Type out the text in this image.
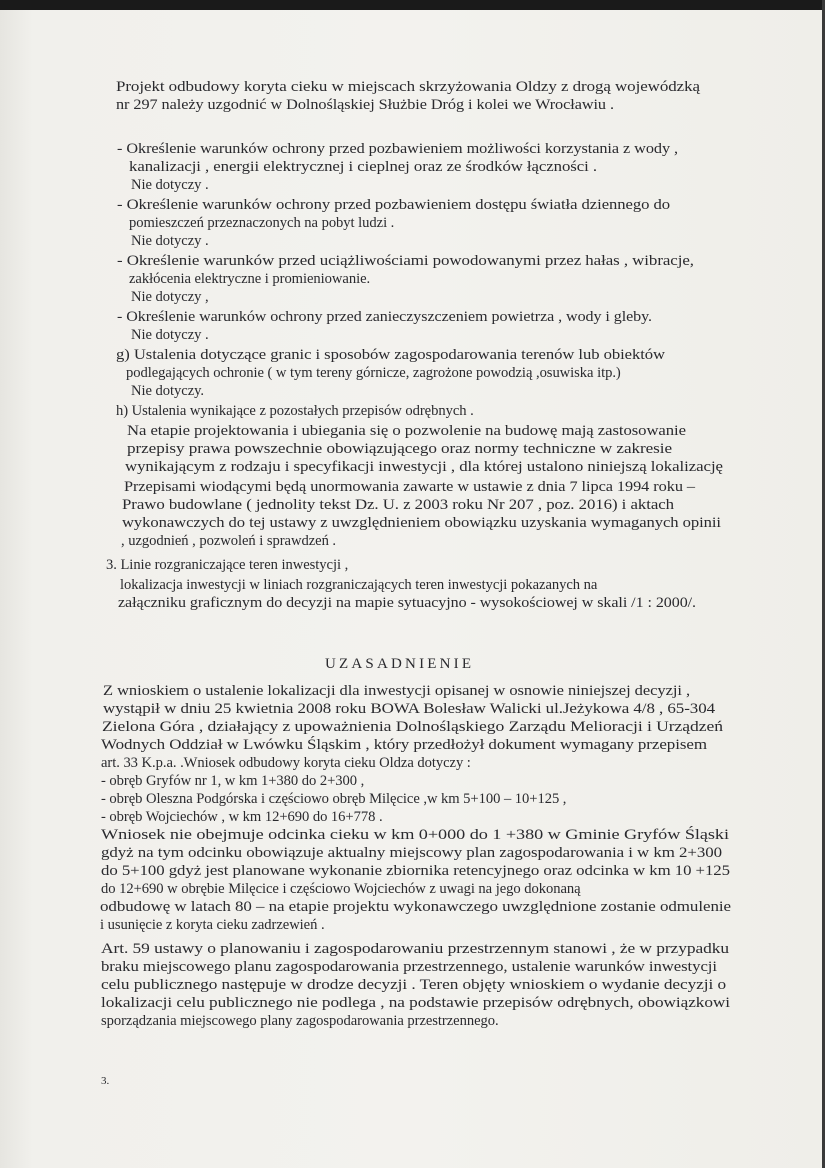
Projekt odbudowy koryta cieku w miejscach skrzyżowania Oldzy z drogą wojewódzką
nr 297 należy uzgodnić w Dolnośląskiej Służbie Dróg i kolei we Wrocławiu .
- Określenie warunków ochrony przed pozbawieniem możliwości korzystania z wody ,
kanalizacji , energii elektrycznej i cieplnej oraz ze środków łączności .
Nie dotyczy .
- Określenie warunków ochrony przed pozbawieniem dostępu światła dziennego do
pomieszczeń przeznaczonych na pobyt ludzi .
Nie dotyczy .
- Określenie warunków przed uciążliwościami powodowanymi przez hałas , wibracje,
zakłócenia elektryczne i promieniowanie.
Nie dotyczy ,
- Określenie warunków ochrony przed zanieczyszczeniem powietrza , wody i gleby.
Nie dotyczy .
g) Ustalenia dotyczące granic i sposobów zagospodarowania terenów lub obiektów
podlegających ochronie ( w tym tereny górnicze, zagrożone powodzią ,osuwiska itp.)
Nie dotyczy.
h) Ustalenia wynikające z pozostałych przepisów odrębnych .
Na etapie projektowania i ubiegania się o pozwolenie na budowę mają zastosowanie
przepisy prawa powszechnie obowiązującego oraz normy techniczne w zakresie
wynikającym z rodzaju i specyfikacji inwestycji , dla której ustalono niniejszą lokalizację
Przepisami wiodącymi będą unormowania zawarte w ustawie z dnia 7 lipca 1994 roku –
Prawo budowlane ( jednolity tekst Dz. U. z 2003 roku Nr 207 , poz. 2016) i aktach
wykonawczych do tej ustawy z uwzględnieniem obowiązku uzyskania wymaganych opinii
, uzgodnień , pozwoleń i sprawdzeń .
3. Linie rozgraniczające teren inwestycji ,
lokalizacja inwestycji w liniach rozgraniczających teren inwestycji pokazanych na
załączniku graficznym do decyzji na mapie sytuacyjno - wysokościowej w skali /1 : 2000/.
UZASADNIENIE
Z wnioskiem o ustalenie lokalizacji dla inwestycji opisanej w osnowie niniejszej decyzji ,
wystąpił w dniu 25 kwietnia 2008 roku BOWA Bolesław Walicki ul.Jeżykowa 4/8 , 65-304
Zielona Góra , działający z upoważnienia Dolnośląskiego Zarządu Melioracji i Urządzeń
Wodnych Oddział w Lwówku Śląskim , który przedłożył dokument wymagany przepisem
art. 33 K.p.a. .Wniosek odbudowy koryta cieku Oldza dotyczy :
- obręb Gryfów nr 1, w km 1+380 do 2+300 ,
- obręb Oleszna Podgórska i częściowo obręb Milęcice ,w km 5+100 – 10+125 ,
- obręb Wojciechów , w km 12+690 do 16+778 .
Wniosek nie obejmuje odcinka cieku w km 0+000 do 1 +380 w Gminie Gryfów Śląski
gdyż na tym odcinku obowiązuje aktualny miejscowy plan zagospodarowania i w km 2+300
do 5+100 gdyż jest planowane wykonanie zbiornika retencyjnego oraz odcinka w km 10 +125
do 12+690 w obrębie Milęcice i częściowo Wojciechów z uwagi na jego dokonaną
odbudowę w latach 80 – na etapie projektu wykonawczego uwzględnione zostanie odmulenie
i usunięcie z koryta cieku zadrzewień .
Art. 59 ustawy o planowaniu i zagospodarowaniu przestrzennym stanowi , że w przypadku
braku miejscowego planu zagospodarowania przestrzennego, ustalenie warunków inwestycji
celu publicznego następuje w drodze decyzji . Teren objęty wnioskiem o wydanie decyzji o
lokalizacji celu publicznego nie podlega , na podstawie przepisów odrębnych, obowiązkowi
sporządzania miejscowego plany zagospodarowania przestrzennego.
3.
